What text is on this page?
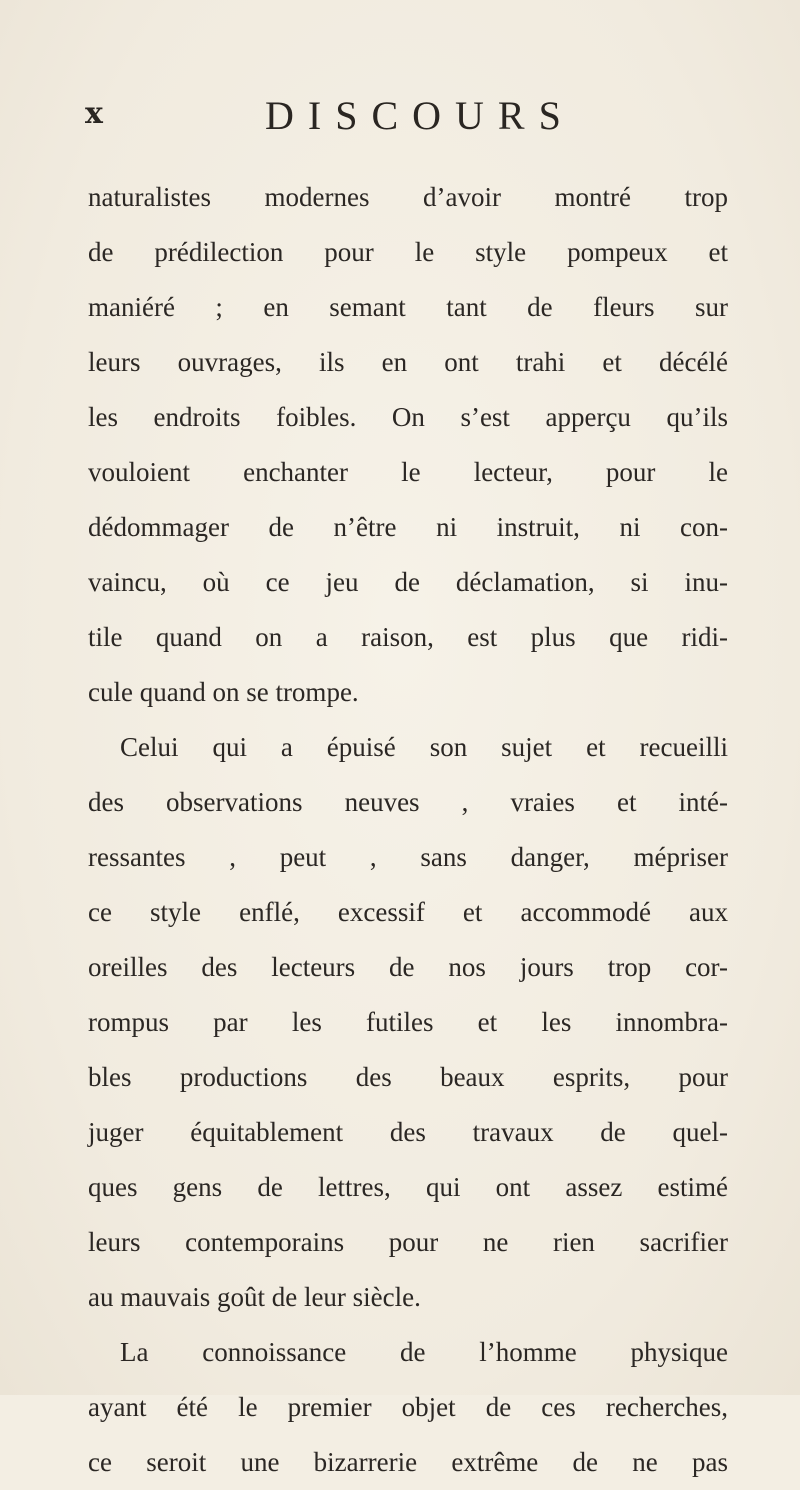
x	DISCOURS
naturalistes modernes d’avoir montré trop
de prédilection pour le style pompeux et
maniéré ; en semant tant de fleurs sur
leurs ouvrages, ils en ont trahi et décélé
les endroits foibles. On s’est apperçu qu’ils
vouloient enchanter le lecteur, pour le
dédommager de n’être ni instruit, ni con-
vaincu, où ce jeu de déclamation, si inu-
tile quand on a raison, est plus que ridi-
cule quand on se trompe.
Celui qui a épuisé son sujet et recueilli
des observations neuves , vraies et inté-
ressantes , peut , sans danger, mépriser
ce style enflé, excessif et accommodé aux
oreilles des lecteurs de nos jours trop cor-
rompus par les futiles et les innombra-
bles productions des beaux esprits, pour
juger équitablement des travaux de quel-
ques gens de lettres, qui ont assez estimé
leurs contemporains pour ne rien sacrifier
au mauvais goût de leur siècle.
La connoissance de l’homme physique
ayant été le premier objet de ces recherches,
ce seroit une bizarrerie extrême de ne pas
